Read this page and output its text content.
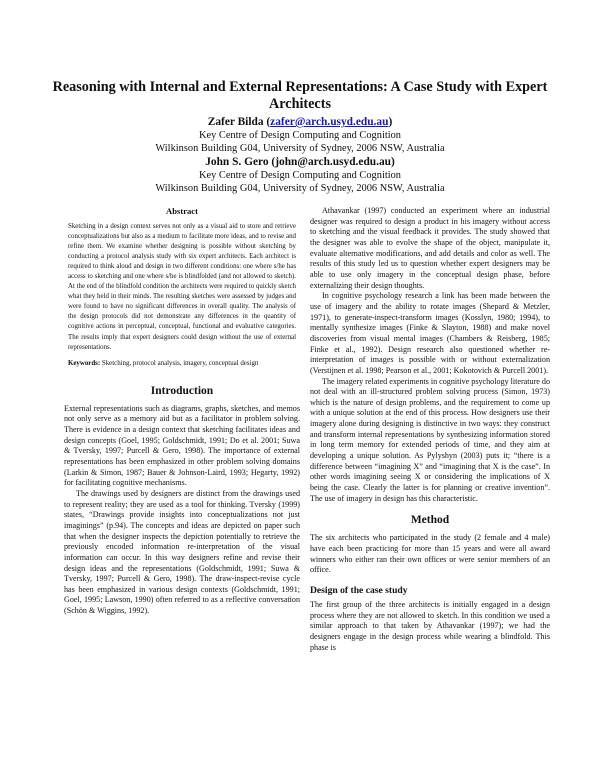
Reasoning with Internal and External Representations: A Case Study with Expert Architects
Zafer Bilda (zafer@arch.usyd.edu.au)
Key Centre of Design Computing and Cognition
Wilkinson Building G04, University of Sydney, 2006 NSW, Australia
John S. Gero (john@arch.usyd.edu.au)
Key Centre of Design Computing and Cognition
Wilkinson Building G04, University of Sydney, 2006 NSW, Australia
Abstract

Sketching in a design context serves not only as a visual aid to store and retrieve conceptualizations but also as a medium to facilitate more ideas, and to revise and refine them. We examine whether designing is possible without sketching by conducting a protocol analysis study with six expert architects. Each architect is required to think aloud and design in two different conditions: one where s/he has access to sketching and one where s/he is blindfolded (and not allowed to sketch). At the end of the blindfold condition the architects were required to quickly sketch what they held in their minds. The resulting sketches were assessed by judges and were found to have no significant differences in overall quality. The analysis of the design protocols did not demonstrate any differences in the quantity of cognitive actions in perceptual, conceptual, functional and evaluative categories. The results imply that expert designers could design without the use of external representations.

Keywords: Sketching, protocol analysis, imagery, conceptual design

Introduction

External representations such as diagrams, graphs, sketches, and memos not only serve as a memory aid but as a facilitator in problem solving. There is evidence in a design context that sketching facilitates ideas and design concepts (Goel, 1995; Goldschmidt, 1991; Do et al. 2001; Suwa & Tversky, 1997; Purcell & Gero, 1998). The importance of external representations has been emphasized in other problem solving domains (Larkin & Simon, 1987; Bauer & Johnson-Laird, 1993; Hegarty, 1992) for facilitating cognitive mechanisms.

The drawings used by designers are distinct from the drawings used to represent reality; they are used as a tool for thinking. Tversky (1999) states, “Drawings provide insights into conceptualizations not just imaginings” (p.94). The concepts and ideas are depicted on paper such that when the designer inspects the depiction potentially to retrieve the previously encoded information re-interpretation of the visual information can occur. In this way designers refine and revise their design ideas and the representations (Goldschmidt, 1991; Suwa & Tversky, 1997; Purcell & Gero, 1998). The draw-inspect-revise cycle has been emphasized in various design contexts (Goldschmidt, 1991; Goel, 1995; Lawson, 1990) often referred to as a reflective conversation (Schön & Wiggins, 1992).

Athavankar (1997) conducted an experiment where an industrial designer was required to design a product in his imagery without access to sketching and the visual feedback it provides. The study showed that the designer was able to evolve the shape of the object, manipulate it, evaluate alternative modifications, and add details and color as well. The results of this study led us to question whether expert designers may be able to use only imagery in the conceptual design phase, before externalizing their design thoughts.

In cognitive psychology research a link has been made between the use of imagery and the ability to rotate images (Shepard & Metzler, 1971), to generate-inspect-transform images (Kosslyn, 1980; 1994), to mentally synthesize images (Finke & Slayton, 1988) and make novel discoveries from visual mental images (Chambers & Reisberg, 1985; Finke et al., 1992). Design research also questioned whether re-interpretation of images is possible with or without externalization (Verstijnen et al. 1998; Pearson et al., 2001; Kokotovich & Purcell 2001).

The imagery related experiments in cognitive psychology literature do not deal with an ill-structured problem solving process (Simon, 1973) which is the nature of design problems, and the requirement to come up with a unique solution at the end of this process. How designers use their imagery alone during designing is distinctive in two ways: they construct and transform internal representations by synthesizing information stored in long term memory for extended periods of time, and they aim at developing a unique solution. As Pylyshyn (2003) puts it; “there is a difference between “imagining X” and “imagining that X is the case”. In other words imagining seeing X or considering the implications of X being the case. Clearly the latter is for planning or creative invention”. The use of imagery in design has this characteristic.

Method

The six architects who participated in the study (2 female and 4 male) have each been practicing for more than 15 years and were all award winners who either ran their own offices or were senior members of an office.

Design of the case study

The first group of the three architects is initially engaged in a design process where they are not allowed to sketch. In this condition we used a similar approach to that taken by Athavankar (1997); we had the designers engage in the design process while wearing a blindfold. This phase is
